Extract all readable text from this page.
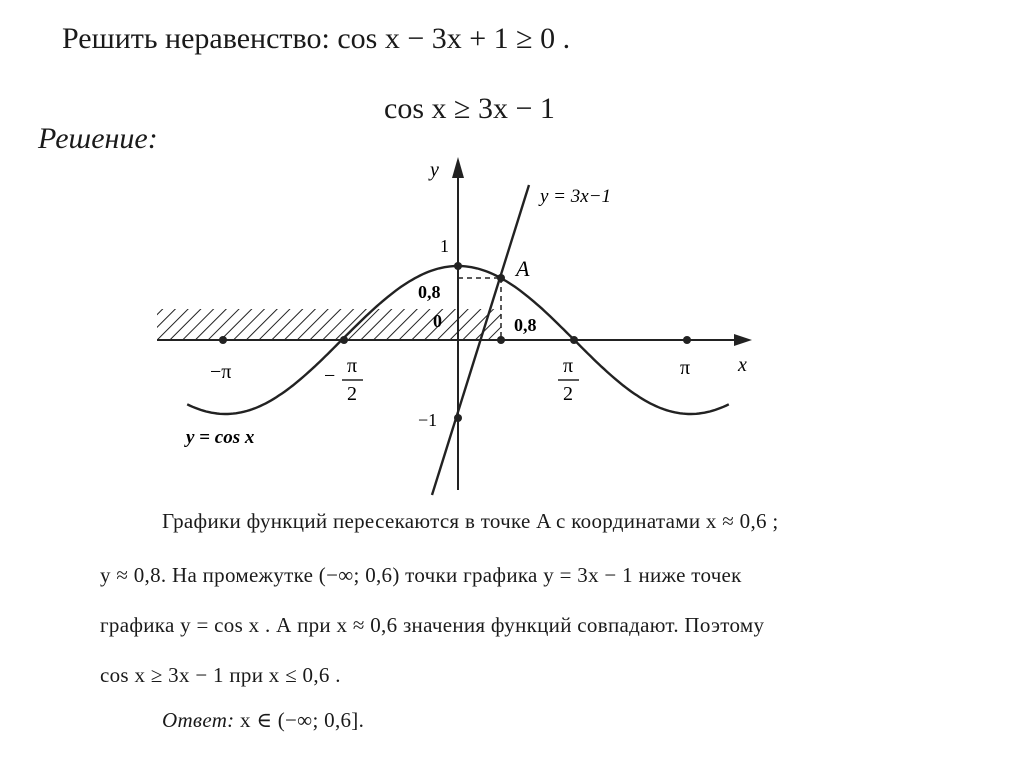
Решить неравенство: cos x − 3x + 1 ≥ 0 .
cos x ≥ 3x − 1
Решение:
y
x
y = 3x−1
y = cos x
A
1
−1
0
0,8
0,8
−π	π
− π
2
π
2
Графики функций пересекаются в точке A с координатами x ≈ 0,6 ;
y ≈ 0,8. На промежутке (−∞; 0,6) точки графика y = 3x − 1 ниже точек
графика y = cos x . А при x ≈ 0,6 значения функций совпадают. Поэтому
cos x ≥ 3x − 1 при x ≤ 0,6 .
Ответ: x ∈ (−∞; 0,6].
